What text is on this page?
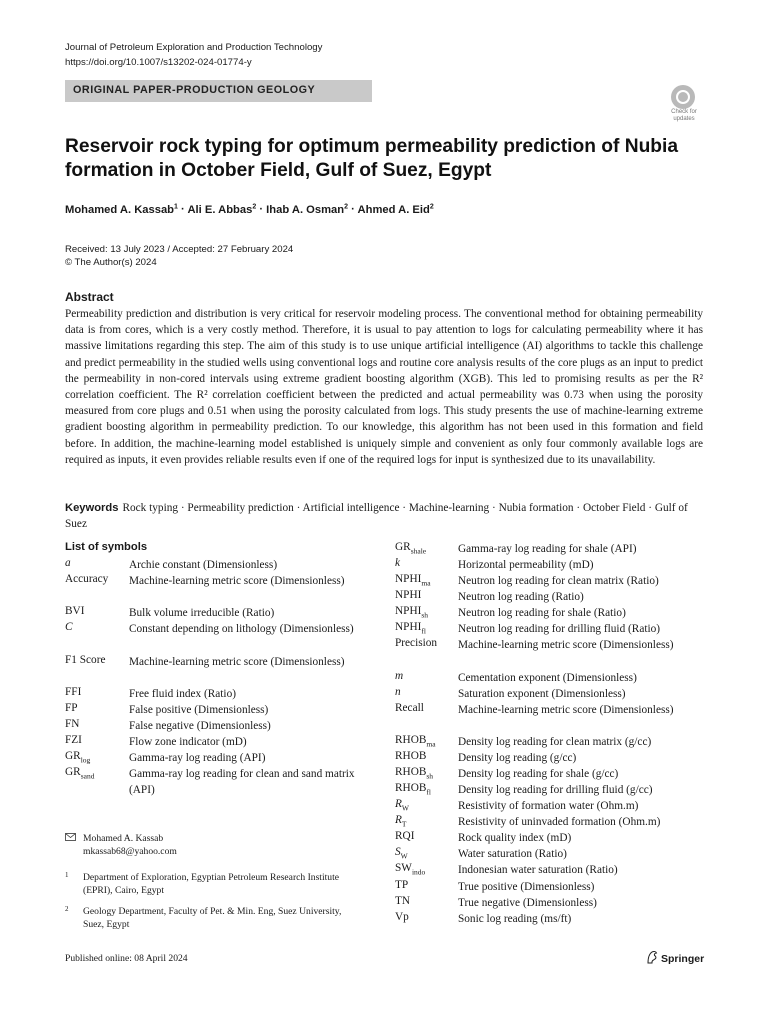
Journal of Petroleum Exploration and Production Technology
https://doi.org/10.1007/s13202-024-01774-y
ORIGINAL PAPER-PRODUCTION GEOLOGY
Check for
updates
Reservoir rock typing for optimum permeability prediction of Nubia formation in October Field, Gulf of Suez, Egypt
Mohamed A. Kassab$^1$ · Ali E. Abbas$^2$ · Ihab A. Osman$^2$ · Ahmed A. Eid$^2$
Received: 13 July 2023 / Accepted: 27 February 2024
© The Author(s) 2024
Abstract
Permeability prediction and distribution is very critical for reservoir modeling process. The conventional method for obtaining permeability data is from cores, which is a very costly method. Therefore, it is usual to pay attention to logs for calculating permeability where it has massive limitations regarding this step. The aim of this study is to use unique artificial intelligence (AI) algorithms to tackle this challenge and predict permeability in the studied wells using conventional logs and routine core analysis results of the core plugs as an input to predict the permeability in non-cored intervals using extreme gradient boosting algorithm (XGB). This led to promising results as per the R² correlation coefficient. The R² correlation coefficient between the predicted and actual permeability was 0.73 when using the porosity measured from core plugs and 0.51 when using the porosity calculated from logs. This study presents the use of machine-learning extreme gradient boosting algorithm in permeability prediction. To our knowledge, this algorithm has not been used in this formation and field before. In addition, the machine-learning model established is uniquely simple and convenient as only four commonly available logs are required as inputs, it even provides reliable results even if one of the required logs for input is synthesized due to its unavailability.
Keywords Rock typing · Permeability prediction · Artificial intelligence · Machine-learning · Nubia formation · October Field · Gulf of Suez
List of symbols
a	Archie constant (Dimensionless)
Accuracy Machine-learning metric score (Dimensionless)
BVI	Bulk volume irreducible (Ratio)
C	Constant depending on lithology (Dimensionless)
F1 Score Machine-learning metric score (Dimensionless)
FFI	Free fluid index (Ratio)
FP	False positive (Dimensionless)
FN	False negative (Dimensionless)
FZI	Flow zone indicator (mD)
$GR_{log}$	Gamma-ray log reading (API)
$GR_{sand}$	Gamma-ray log reading for clean and sand matrix (API)
$GR_{shale}$	Gamma-ray log reading for shale (API)
k	Horizontal permeability (mD)
$NPHI_{ma}$ Neutron log reading for clean matrix (Ratio)
NPHI	Neutron log reading (Ratio)
$NPHI_{sh}$	Neutron log reading for shale (Ratio)
$NPHI_{fl}$	Neutron log reading for drilling fluid (Ratio)
Precision Machine-learning metric score (Dimensionless)
m	Cementation exponent (Dimensionless)
n	Saturation exponent (Dimensionless)
Recall	Machine-learning metric score (Dimensionless)
$RHOB_{ma}$ Density log reading for clean matrix (g/cc)
RHOB	Density log reading (g/cc)
$RHOB_{sh}$ Density log reading for shale (g/cc)
$RHOB_{fl}$ Density log reading for drilling fluid (g/cc)
$R_W$	Resistivity of formation water (Ohm.m)
$R_T$	Resistivity of uninvaded formation (Ohm.m)
RQI	Rock quality index (mD)
$S_W$	Water saturation (Ratio)
$SW_{indo}$	Indonesian water saturation (Ratio)
TP	True positive (Dimensionless)
TN	True negative (Dimensionless)
Vp	Sonic log reading (ms/ft)
Mohamed A. Kassab
mkassab68@yahoo.com
1 Department of Exploration, Egyptian Petroleum Research Institute (EPRI), Cairo, Egypt
2 Geology Department, Faculty of Pet. & Min. Eng, Suez University, Suez, Egypt
Published online: 08 April 2024	Springer
